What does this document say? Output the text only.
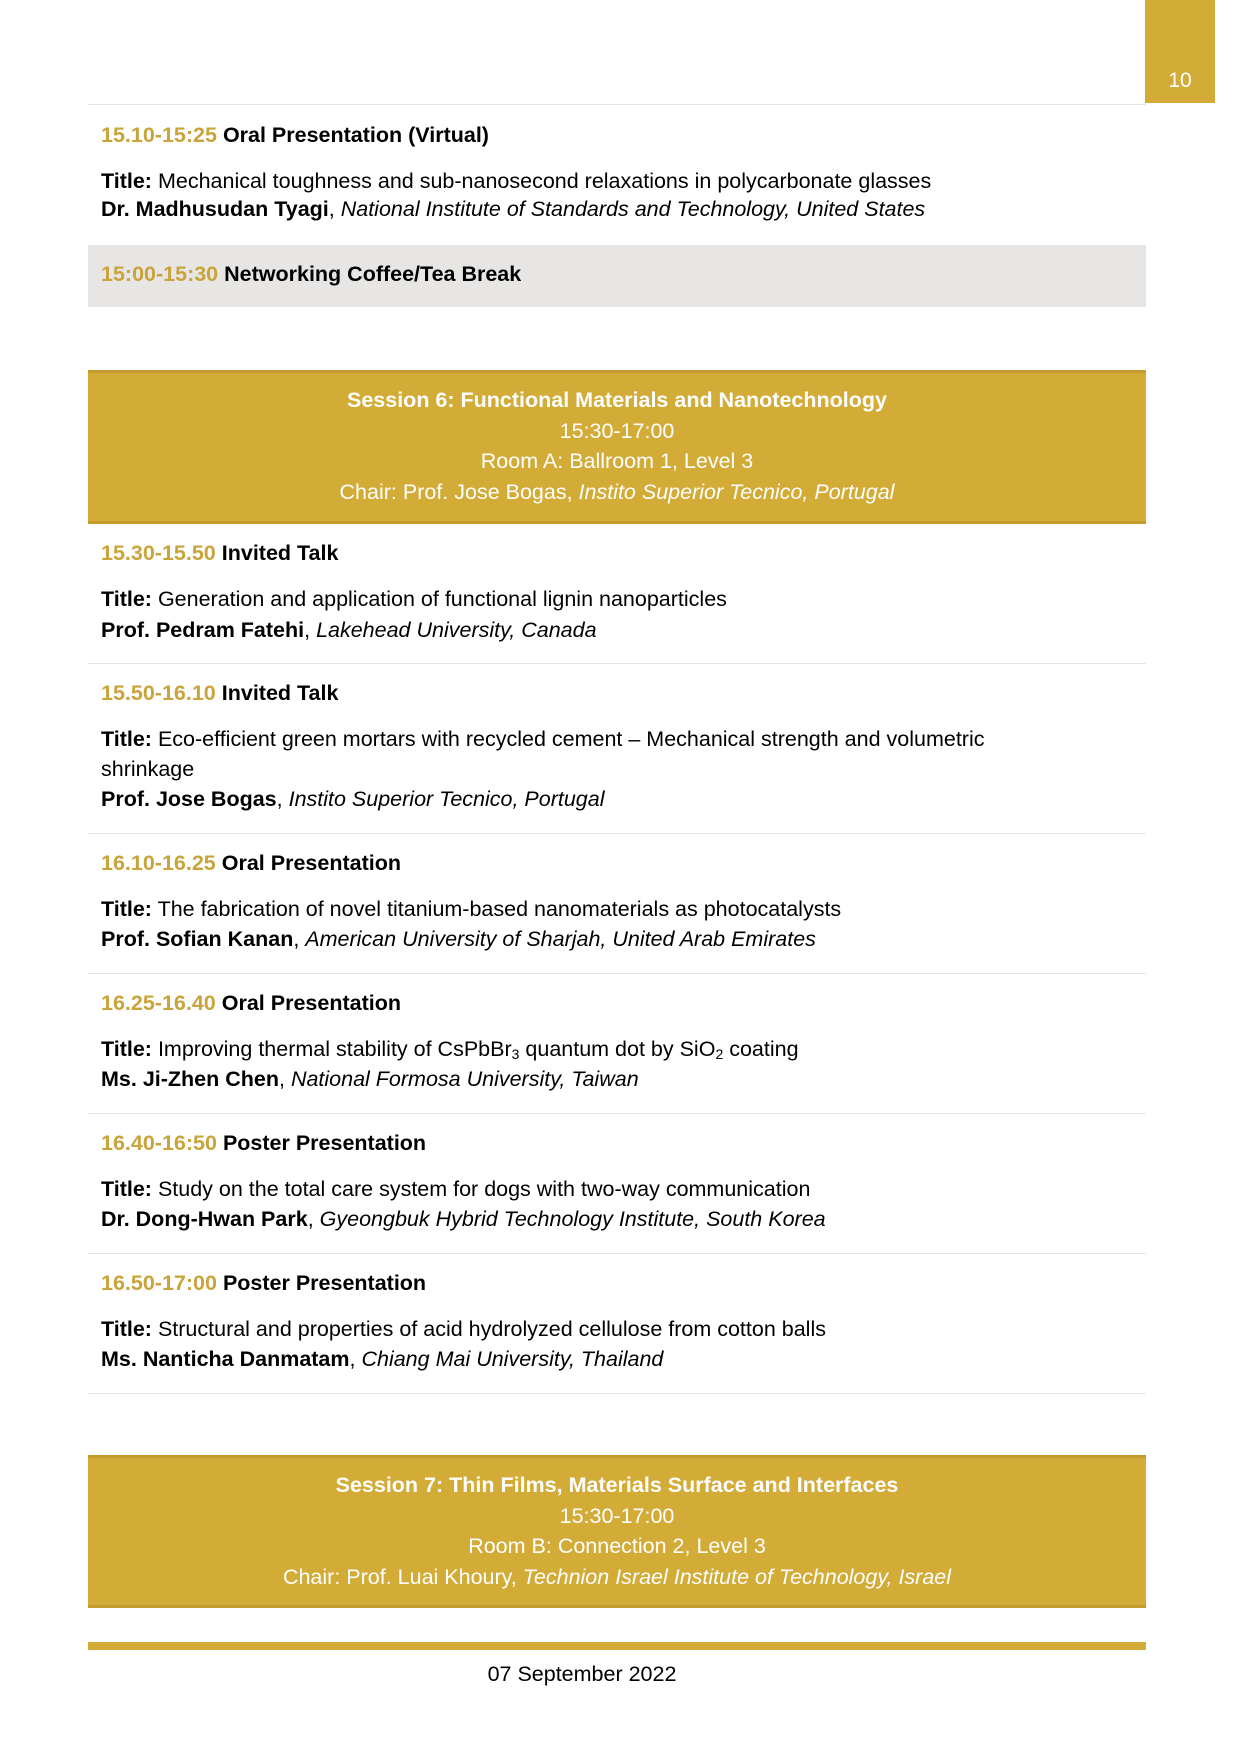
10
15.10-15:25 Oral Presentation (Virtual)
Title: Mechanical toughness and sub-nanosecond relaxations in polycarbonate glasses
Dr. Madhusudan Tyagi, National Institute of Standards and Technology, United States
15:00-15:30 Networking Coffee/Tea Break
Session 6: Functional Materials and Nanotechnology
15:30-17:00
Room A: Ballroom 1, Level 3
Chair: Prof. Jose Bogas, Instito Superior Tecnico, Portugal
15.30-15.50 Invited Talk
Title: Generation and application of functional lignin nanoparticles
Prof. Pedram Fatehi, Lakehead University, Canada
15.50-16.10 Invited Talk
Title: Eco-efficient green mortars with recycled cement – Mechanical strength and volumetric
shrinkage
Prof. Jose Bogas, Instito Superior Tecnico, Portugal
16.10-16.25 Oral Presentation
Title: The fabrication of novel titanium-based nanomaterials as photocatalysts
Prof. Sofian Kanan, American University of Sharjah, United Arab Emirates
16.25-16.40 Oral Presentation
Title: Improving thermal stability of CsPbBr$_3$ quantum dot by SiO$_2$ coating
Ms. Ji-Zhen Chen, National Formosa University, Taiwan
16.40-16:50 Poster Presentation
Title: Study on the total care system for dogs with two-way communication
Dr. Dong-Hwan Park, Gyeongbuk Hybrid Technology Institute, South Korea
16.50-17:00 Poster Presentation
Title: Structural and properties of acid hydrolyzed cellulose from cotton balls
Ms. Nanticha Danmatam, Chiang Mai University, Thailand
Session 7: Thin Films, Materials Surface and Interfaces
15:30-17:00
Room B: Connection 2, Level 3
Chair: Prof. Luai Khoury, Technion Israel Institute of Technology, Israel
07 September 2022
